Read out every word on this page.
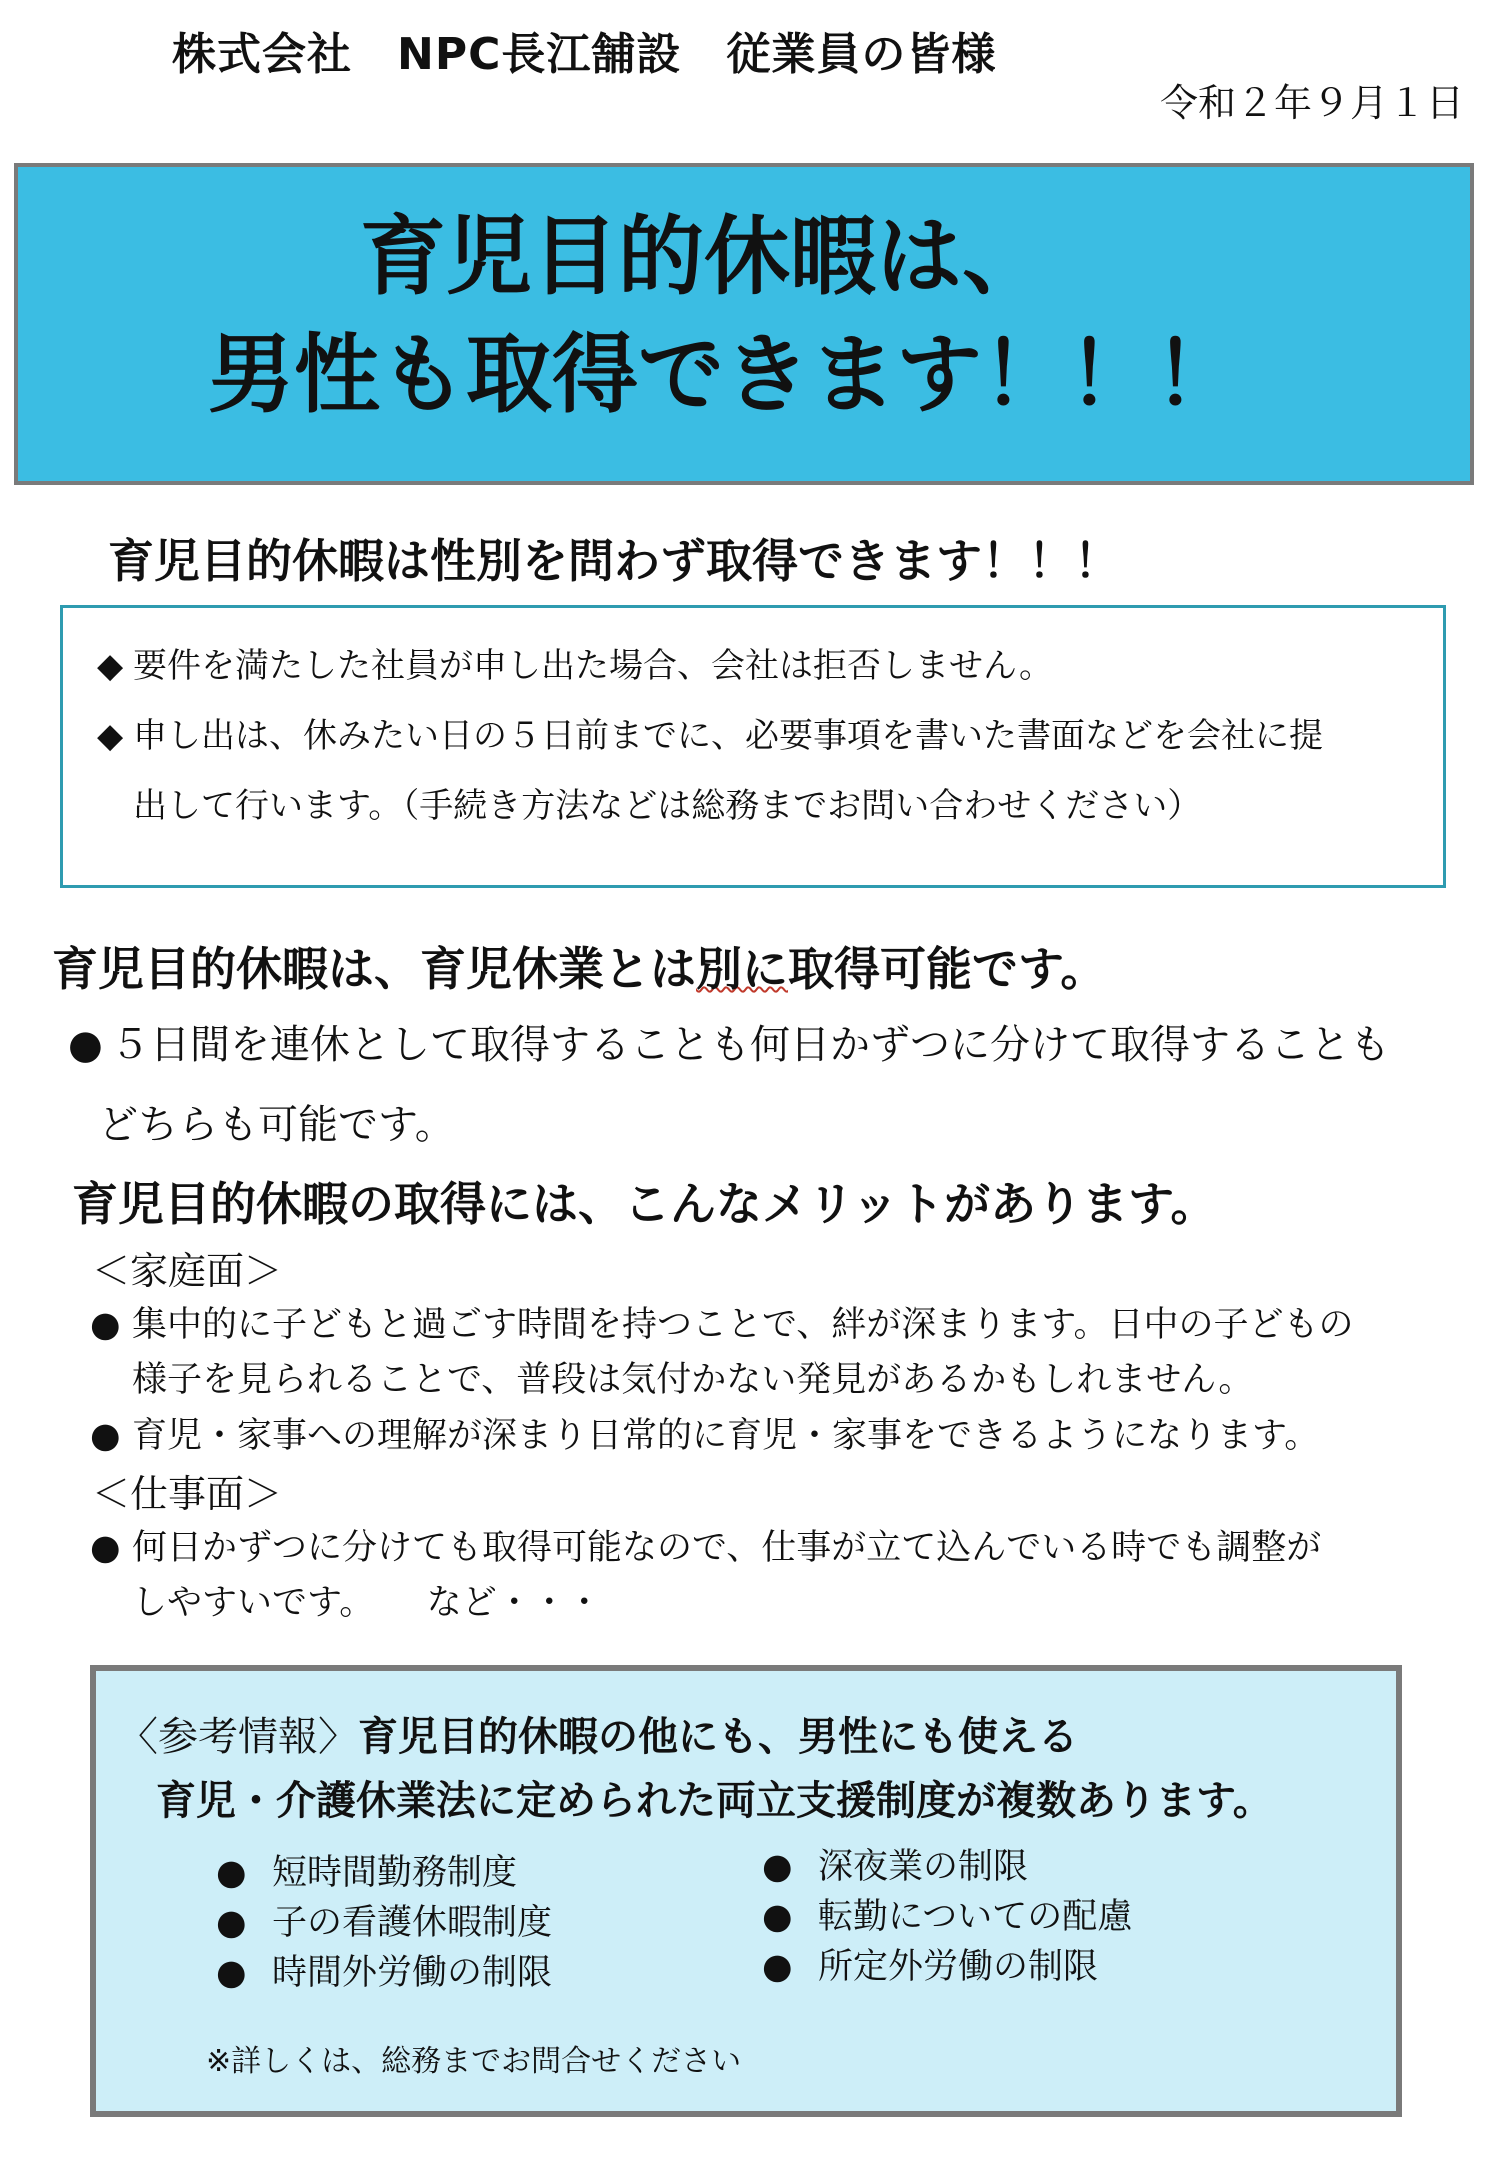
株式会社　NPC長江舗設　従業員の皆様
令和２年９月１日
育児目的休暇は、
男性も取得できます！！！
育児目的休暇は性別を問わず取得できます！！！
◆ 要件を満たした社員が申し出た場合、会社は拒否しません。
◆ 申し出は、休みたい日の５日前までに、必要事項を書いた書面などを会社に提
出して行います。（手続き方法などは総務までお問い合わせください）
育児目的休暇は、育児休業とは別に取得可能です。
● ５日間を連休として取得することも何日かずつに分けて取得することも
どちらも可能です。
育児目的休暇の取得には、こんなメリットがあります。
＜家庭面＞
● 集中的に子どもと過ごす時間を持つことで、絆が深まります。日中の子どもの
様子を見られることで、普段は気付かない発見があるかもしれません。
● 育児・家事への理解が深まり日常的に育児・家事をできるようになります。
＜仕事面＞
● 何日かずつに分けても取得可能なので、仕事が立て込んでいる時でも調整が
しやすいです。　　など・・・
〈参考情報〉育児目的休暇の他にも、男性にも使える
育児・介護休業法に定められた両立支援制度が複数あります。
● 短時間勤務制度
● 子の看護休暇制度
● 時間外労働の制限
● 深夜業の制限
● 転勤についての配慮
● 所定外労働の制限
※詳しくは、総務までお問合せください
